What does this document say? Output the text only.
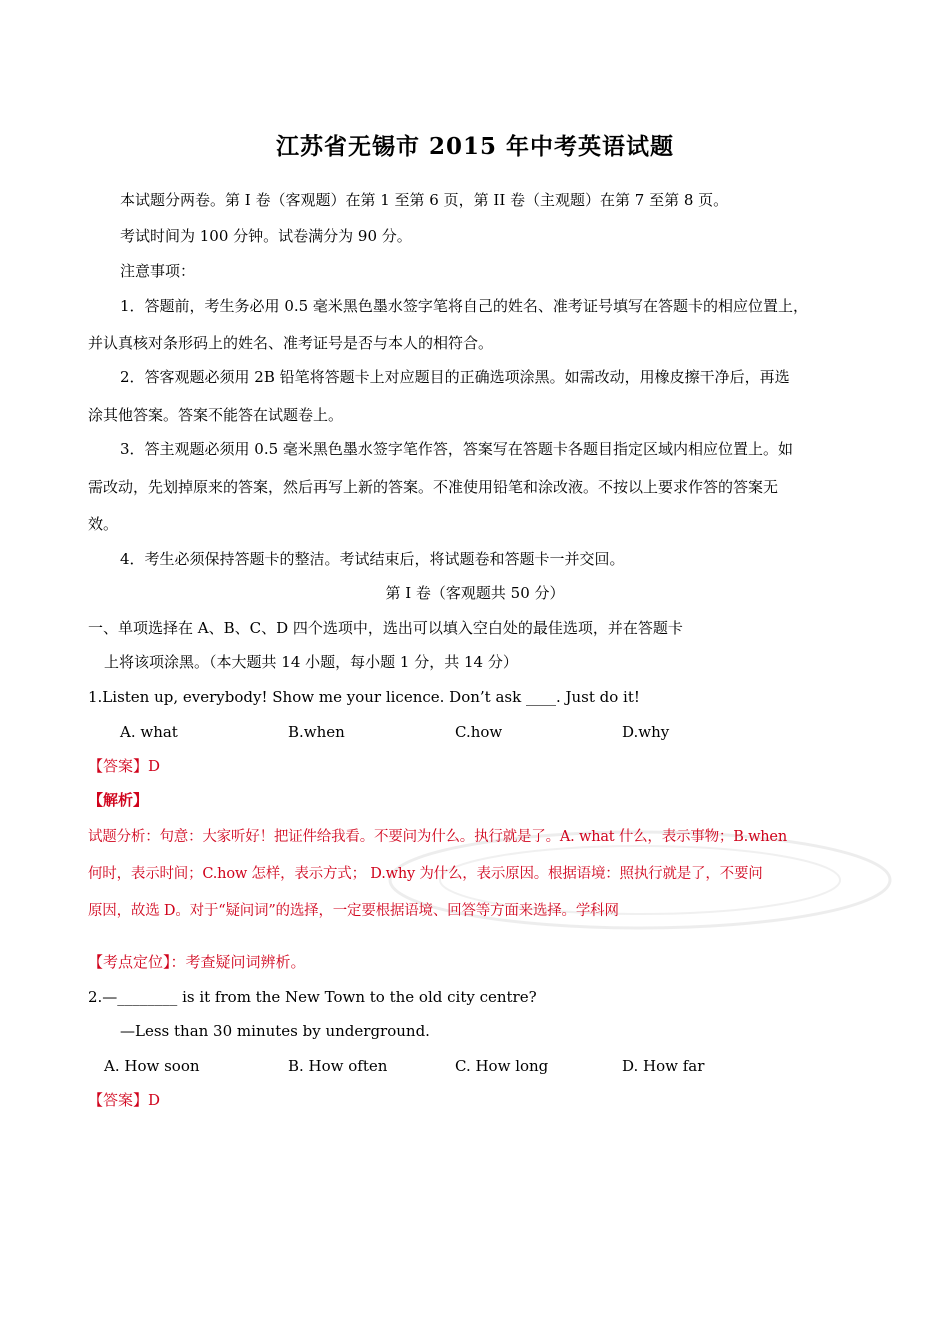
江苏省无锡市 2015 年中考英语试题
本试题分两卷。第 I 卷（客观题）在第 1 至第 6 页，第 II 卷（主观题）在第 7 至第 8 页。
考试时间为 100 分钟。试卷满分为 90 分。
注意事项：
1．答题前，考生务必用 0.5 毫米黑色墨水签字笔将自己的姓名、准考证号填写在答题卡的相应位置上，
并认真核对条形码上的姓名、准考证号是否与本人的相符合。
2．答客观题必须用 2B 铅笔将答题卡上对应题目的正确选项涂黑。如需改动，用橡皮擦干净后，再选
涂其他答案。答案不能答在试题卷上。
3．答主观题必须用 0.5 毫米黑色墨水签字笔作答，答案写在答题卡各题目指定区域内相应位置上。如
需改动，先划掉原来的答案，然后再写上新的答案。不准使用铅笔和涂改液。不按以上要求作答的答案无
效。
4．考生必须保持答题卡的整洁。考试结束后，将试题卷和答题卡一并交回。
第 I 卷（客观题共 50 分）
一、单项选择在 A、B、C、D 四个选项中，选出可以填入空白处的最佳选项，并在答题卡
上将该项涂黑。（本大题共 14 小题，每小题 1 分，共 14 分）
1.Listen up, everybody! Show me your licence. Don’t ask ____. Just do it!
A. what	B.when	C.how	D.why
【答案】D
【解析】
试题分析：句意：大家听好！把证件给我看。不要问为什么。执行就是了。A. what 什么，表示事物；B.when
何时，表示时间；C.how 怎样，表示方式； D.why 为什么，表示原因。根据语境：照执行就是了，不要问
原因，故选 D。对于“疑问词”的选择，一定要根据语境、回答等方面来选择。学科网
【考点定位】：考查疑问词辨析。
2.—________ is it from the New Town to the old city centre?
—Less than 30 minutes by underground.
A. How soon	B. How often	C. How long	D. How far
【答案】D
